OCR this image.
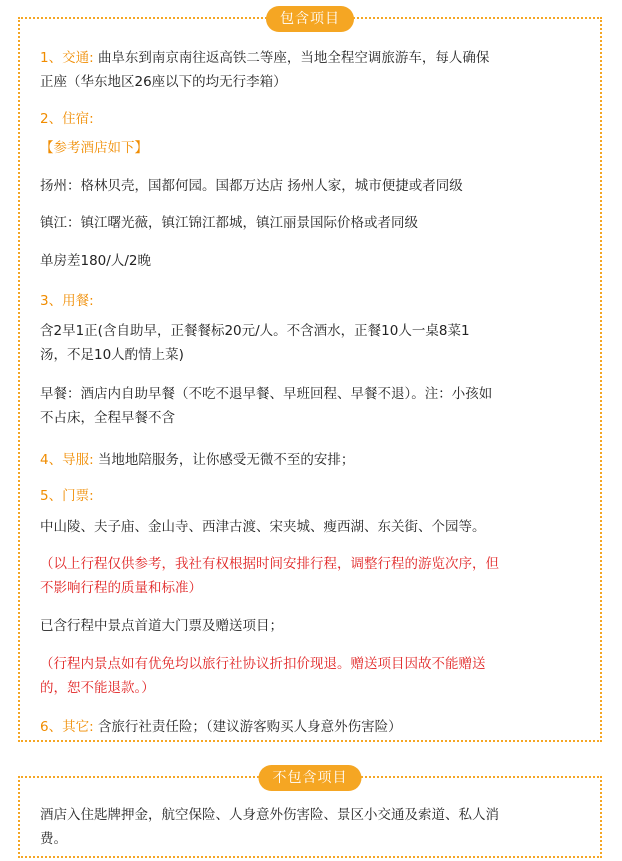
包含项目
1、交通: 曲阜东到南京南往返高铁二等座，当地全程空调旅游车，每人确保
正座（华东地区26座以下的均无行李箱）
2、住宿:
【参考酒店如下】
扬州：格林贝壳，国都何园。国都万达店 扬州人家，城市便捷或者同级
镇江：镇江曙光薇，镇江锦江都城，镇江丽景国际价格或者同级
单房差180/人/2晚
3、用餐:
含2早1正(含自助早，正餐餐标20元/人。不含酒水，正餐10人一桌8菜1
汤，不足10人酌情上菜)
早餐：酒店内自助早餐（不吃不退早餐、早班回程、早餐不退）。注：小孩如
不占床，全程早餐不含
4、导服: 当地地陪服务，让你感受无微不至的安排；
5、门票:
中山陵、夫子庙、金山寺、西津古渡、宋夹城、瘦西湖、东关街、个园等。
（以上行程仅供参考，我社有权根据时间安排行程，调整行程的游览次序，但
不影响行程的质量和标准）
已含行程中景点首道大门票及赠送项目；
（行程内景点如有优免均以旅行社协议折扣价现退。赠送项目因故不能赠送
的，恕不能退款。）
6、其它: 含旅行社责任险；（建议游客购买人身意外伤害险）
不包含项目
酒店入住匙牌押金，航空保险、人身意外伤害险、景区小交通及索道、私人消
费。
